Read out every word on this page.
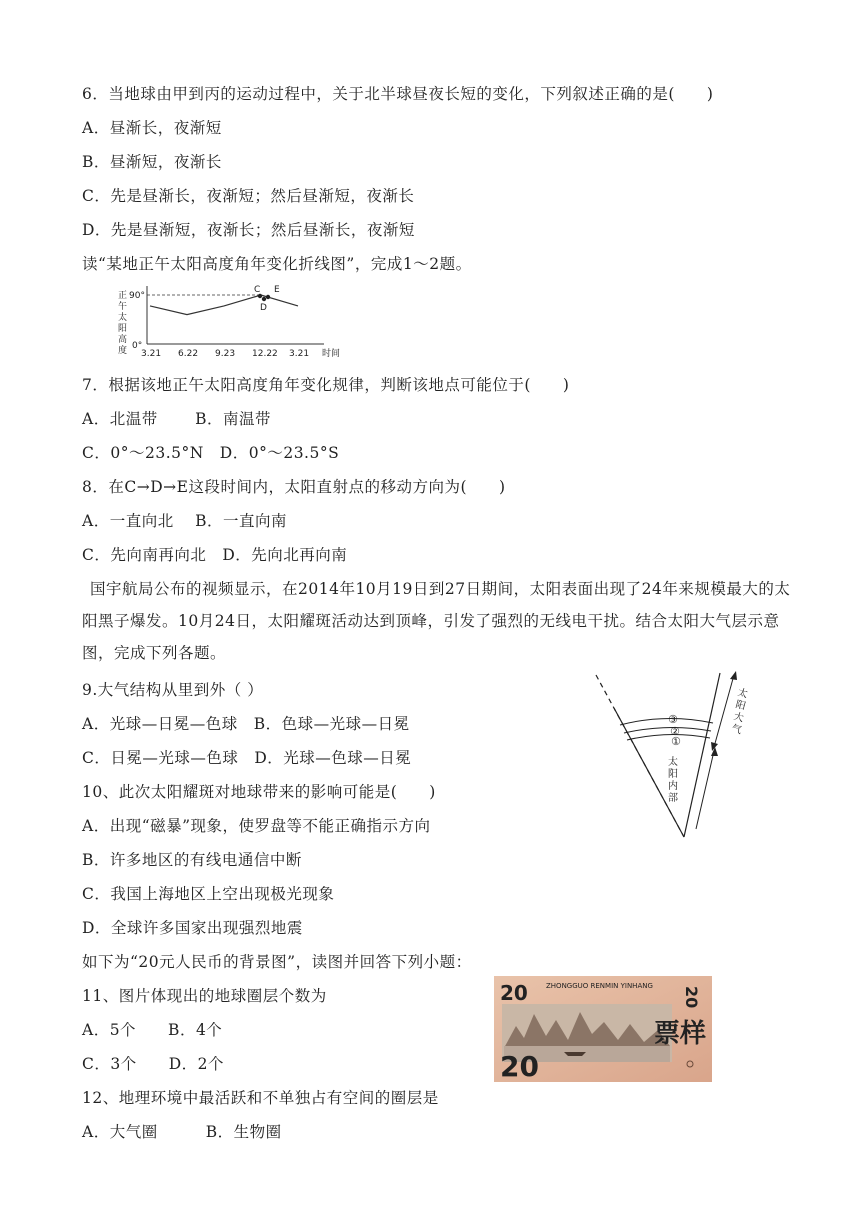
6．当地球由甲到丙的运动过程中，关于北半球昼夜长短的变化，下列叙述正确的是(　　)
A．昼渐长，夜渐短
B．昼渐短，夜渐长
C．先是昼渐长，夜渐短；然后昼渐短，夜渐长
D．先是昼渐短，夜渐长；然后昼渐长，夜渐短
读“某地正午太阳高度角年变化折线图”，完成1～2题。
正
午
太
阳
高
度
90°
0°
3.21 6.22 9.23 12.22 3.21 时间
C
D
E
7．根据该地正午太阳高度角年变化规律，判断该地点可能位于(　　)
A．北温带　　 B．南温带
C．0°～23.5°N　D．0°～23.5°S
8．在C→D→E这段时间内，太阳直射点的移动方向为(　　)
A．一直向北　 B．一直向南
C．先向南再向北　D．先向北再向南
国宇航局公布的视频显示，在2014年10月19日到27日期间，太阳表面出现了24年来规模最大的太阳黑子爆发。10月24日，太阳耀斑活动达到顶峰，引发了强烈的无线电干扰。结合太阳大气层示意图，完成下列各题。
9.大气结构从里到外（ ）
A．光球—日冕—色球　B．色球—光球—日冕
C．日冕—光球—色球　D．光球—色球—日冕
③
②
①
太
阳
内
部
太
阳
大
气
10、此次太阳耀斑对地球带来的影响可能是(　　)
A．出现“磁暴”现象，使罗盘等不能正确指示方向
B．许多地区的有线电通信中断
C．我国上海地区上空出现极光现象
D．全球许多国家出现强烈地震
如下为“20元人民币的背景图”，读图并回答下列小题：
20	ZHONGGUO RENMIN YINHANG 20
20
票样
11、图片体现出的地球圈层个数为
A．5个　　B．4个
C．3个　　D．2个
12、地理环境中最活跃和不单独占有空间的圈层是
A．大气圈　　　B．生物圈
